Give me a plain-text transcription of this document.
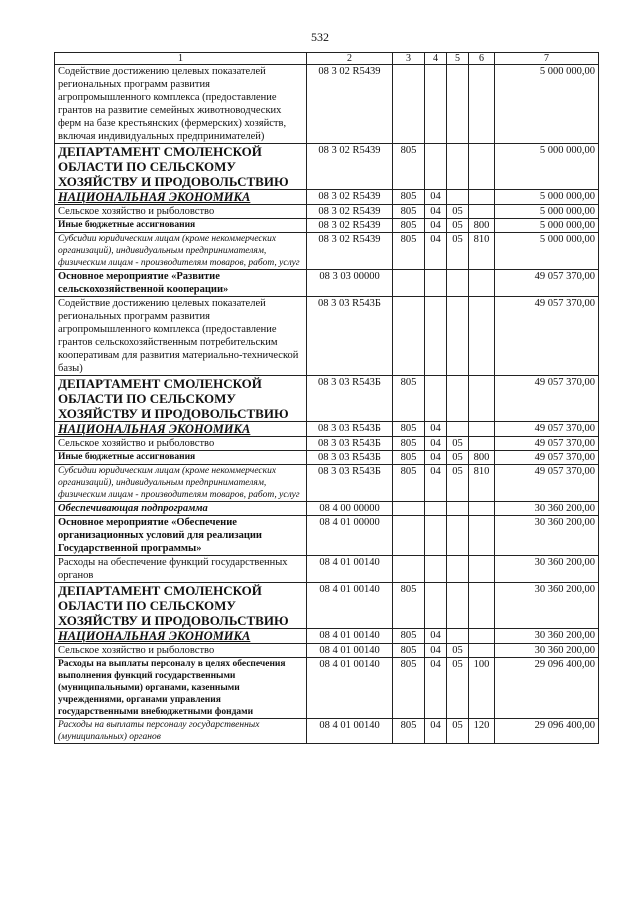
532
1	2	3	4	5	6	7
Содействие достижению целевых показателей региональных программ развития агропромышленного комплекса (предоставление грантов на развитие семейных животноводческих ферм на базе крестьянских (фермерских) хозяйств, включая индивидуальных предпринимателей)	08 3 02 R5439					5 000 000,00
ДЕПАРТАМЕНТ СМОЛЕНСКОЙ ОБЛАСТИ ПО СЕЛЬСКОМУ ХОЗЯЙСТВУ И ПРОДОВОЛЬСТВИЮ	08 3 02 R5439	805				5 000 000,00
НАЦИОНАЛЬНАЯ ЭКОНОМИКА	08 3 02 R5439	805	04			5 000 000,00
Сельское хозяйство и рыболовство	08 3 02 R5439	805	04	05		5 000 000,00
Иные бюджетные ассигнования	08 3 02 R5439	805	04	05	800	5 000 000,00
Субсидии юридическим лицам (кроме некоммерческих организаций), индивидуальным предпринимателям, физическим лицам - производителям товаров, работ, услуг	08 3 02 R5439	805	04	05	810	5 000 000,00
Основное мероприятие «Развитие сельскохозяйственной кооперации»	08 3 03 00000					49 057 370,00
Содействие достижению целевых показателей региональных программ развития агропромышленного комплекса (предоставление грантов сельскохозяйственным потребительским кооперативам для развития материально-технической базы)	08 3 03 R543Б					49 057 370,00
ДЕПАРТАМЕНТ СМОЛЕНСКОЙ ОБЛАСТИ ПО СЕЛЬСКОМУ ХОЗЯЙСТВУ И ПРОДОВОЛЬСТВИЮ	08 3 03 R543Б	805				49 057 370,00
НАЦИОНАЛЬНАЯ ЭКОНОМИКА	08 3 03 R543Б	805	04			49 057 370,00
Сельское хозяйство и рыболовство	08 3 03 R543Б	805	04	05		49 057 370,00
Иные бюджетные ассигнования	08 3 03 R543Б	805	04	05	800	49 057 370,00
Субсидии юридическим лицам (кроме некоммерческих организаций), индивидуальным предпринимателям, физическим лицам - производителям товаров, работ, услуг	08 3 03 R543Б	805	04	05	810	49 057 370,00
Обеспечивающая подпрограмма	08 4 00 00000					30 360 200,00
Основное мероприятие «Обеспечение организационных условий для реализации Государственной программы»	08 4 01 00000					30 360 200,00
Расходы на обеспечение функций государственных органов	08 4 01 00140					30 360 200,00
ДЕПАРТАМЕНТ СМОЛЕНСКОЙ ОБЛАСТИ ПО СЕЛЬСКОМУ ХОЗЯЙСТВУ И ПРОДОВОЛЬСТВИЮ	08 4 01 00140	805				30 360 200,00
НАЦИОНАЛЬНАЯ ЭКОНОМИКА	08 4 01 00140	805	04			30 360 200,00
Сельское хозяйство и рыболовство	08 4 01 00140	805	04	05		30 360 200,00
Расходы на выплаты персоналу в целях обеспечения выполнения функций государственными (муниципальными) органами, казенными учреждениями, органами управления государственными внебюджетными фондами	08 4 01 00140	805	04	05	100	29 096 400,00
Расходы на выплаты персоналу государственных (муниципальных) органов	08 4 01 00140	805	04	05	120	29 096 400,00
